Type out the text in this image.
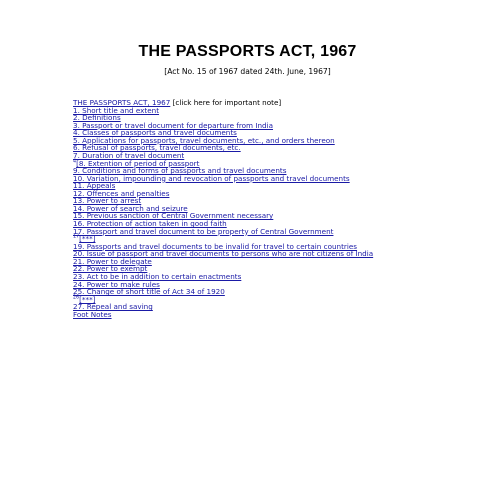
THE PASSPORTS ACT, 1967

[Act No. 15 of 1967 dated 24th. June, 1967]

THE PASSPORTS ACT, 1967 [click here for important note]
1. Short title and extent
2. Definitions
3. Passport or travel document for departure from India
4. Classes of passports and travel documents
5. Applications for passports, travel documents, etc., and orders thereon
6. Refusal of passports, travel documents, etc.
7. Duration of travel document
$^4$[8. Extention of period of passport
9. Conditions and forms of passports and travel documents
10. Variation, impounding and revocation of passports and travel documents
11. Appeals
12. Offences and penalties
13. Power to arrest
14. Power of search and seizure
15. Previous sanction of Central Government necessary
16. Protection of action taken in good faith
17. Passport and travel document to be property of Central Government
$^{17}$[***]
19. Passports and travel documents to be invalid for travel to certain countries
20. Issue of passport and travel documents to persons who are not citizens of India
21. Power to delegate
22. Power to exempt
23. Act to be in addition to certain enactments
24. Power to make rules
25. Change of short title of Act 34 of 1920
$^{26}$[***]
27. Repeal and saving
Foot Notes
